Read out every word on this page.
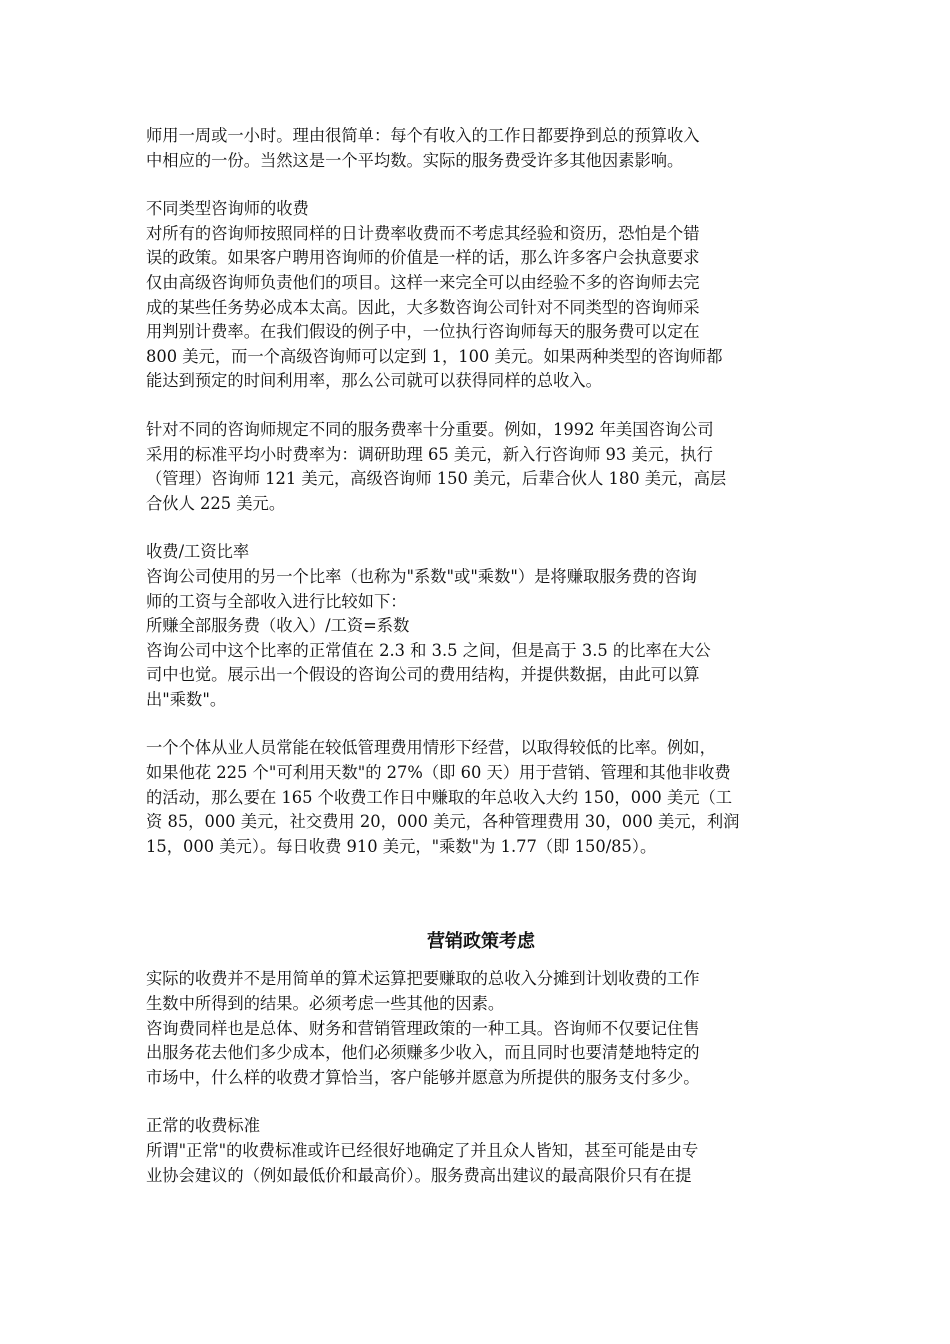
师用一周或一小时。理由很简单：每个有收入的工作日都要挣到总的预算收入
中相应的一份。当然这是一个平均数。实际的服务费受许多其他因素影响。
不同类型咨询师的收费
对所有的咨询师按照同样的日计费率收费而不考虑其经验和资历，恐怕是个错
误的政策。如果客户聘用咨询师的价值是一样的话，那么许多客户会执意要求
仅由高级咨询师负责他们的项目。这样一来完全可以由经验不多的咨询师去完
成的某些任务势必成本太高。因此，大多数咨询公司针对不同类型的咨询师采
用判别计费率。在我们假设的例子中，一位执行咨询师每天的服务费可以定在
800 美元，而一个高级咨询师可以定到 1，100 美元。如果两种类型的咨询师都
能达到预定的时间利用率，那么公司就可以获得同样的总收入。
针对不同的咨询师规定不同的服务费率十分重要。例如，1992 年美国咨询公司
采用的标准平均小时费率为：调研助理 65 美元，新入行咨询师 93 美元，执行
（管理）咨询师 121 美元，高级咨询师 150 美元，后辈合伙人 180 美元，高层
合伙人 225 美元。
收费/工资比率
咨询公司使用的另一个比率（也称为"系数"或"乘数"）是将赚取服务费的咨询
师的工资与全部收入进行比较如下：
所赚全部服务费（收入）/工资=系数
咨询公司中这个比率的正常值在 2.3 和 3.5 之间，但是高于 3.5 的比率在大公
司中也觉。展示出一个假设的咨询公司的费用结构，并提供数据，由此可以算
出"乘数"。
一个个体从业人员常能在较低管理费用情形下经营，以取得较低的比率。例如，
如果他花 225 个"可利用天数"的 27%（即 60 天）用于营销、管理和其他非收费
的活动，那么要在 165 个收费工作日中赚取的年总收入大约 150，000 美元（工
资 85，000 美元，社交费用 20，000 美元，各种管理费用 30，000 美元，利润
15，000 美元）。每日收费 910 美元，"乘数"为 1.77（即 150/85）。
营销政策考虑
实际的收费并不是用简单的算术运算把要赚取的总收入分摊到计划收费的工作
生数中所得到的结果。必须考虑一些其他的因素。
咨询费同样也是总体、财务和营销管理政策的一种工具。咨询师不仅要记住售
出服务花去他们多少成本，他们必须赚多少收入，而且同时也要清楚地特定的
市场中，什么样的收费才算恰当，客户能够并愿意为所提供的服务支付多少。
正常的收费标准
所谓"正常"的收费标准或许已经很好地确定了并且众人皆知，甚至可能是由专
业协会建议的（例如最低价和最高价）。服务费高出建议的最高限价只有在提
